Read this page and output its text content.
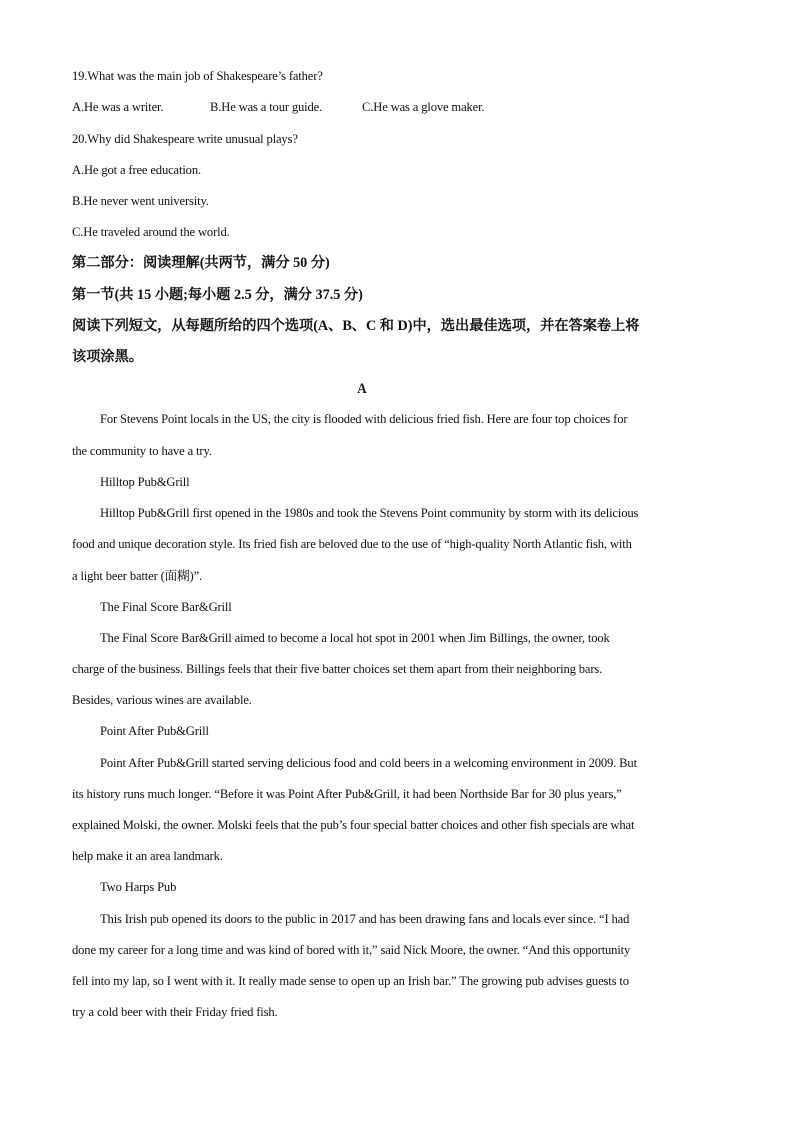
19.What was the main job of Shakespeare’s father?
A.He was a writer.	B.He was a tour guide.	C.He was a glove maker.
20.Why did Shakespeare write unusual plays?
A.He got a free education.
B.He never went university.
C.He traveled around the world.
第二部分：阅读理解(共两节，满分 50 分)
第一节(共 15 小题;每小题 2.5 分，满分 37.5 分)
阅读下列短文，从每题所给的四个选项(A、B、C 和 D)中，选出最佳选项，并在答案卷上将
该项涂黑。
A
For Stevens Point locals in the US, the city is flooded with delicious fried fish. Here are four top choices for
the community to have a try.
Hilltop Pub&Grill
Hilltop Pub&Grill first opened in the 1980s and took the Stevens Point community by storm with its delicious
food and unique decoration style. Its fried fish are beloved due to the use of “high-quality North Atlantic fish, with
a light beer batter (面糊)”.
The Final Score Bar&Grill
The Final Score Bar&Grill aimed to become a local hot spot in 2001 when Jim Billings, the owner, took
charge of the business. Billings feels that their five batter choices set them apart from their neighboring bars.
Besides, various wines are available.
Point After Pub&Grill
Point After Pub&Grill started serving delicious food and cold beers in a welcoming environment in 2009. But
its history runs much longer. “Before it was Point After Pub&Grill, it had been Northside Bar for 30 plus years,”
explained Molski, the owner. Molski feels that the pub’s four special batter choices and other fish specials are what
help make it an area landmark.
Two Harps Pub
This Irish pub opened its doors to the public in 2017 and has been drawing fans and locals ever since. “I had
done my career for a long time and was kind of bored with it,” said Nick Moore, the owner. “And this opportunity
fell into my lap, so I went with it. It really made sense to open up an Irish bar.” The growing pub advises guests to
try a cold beer with their Friday fried fish.
